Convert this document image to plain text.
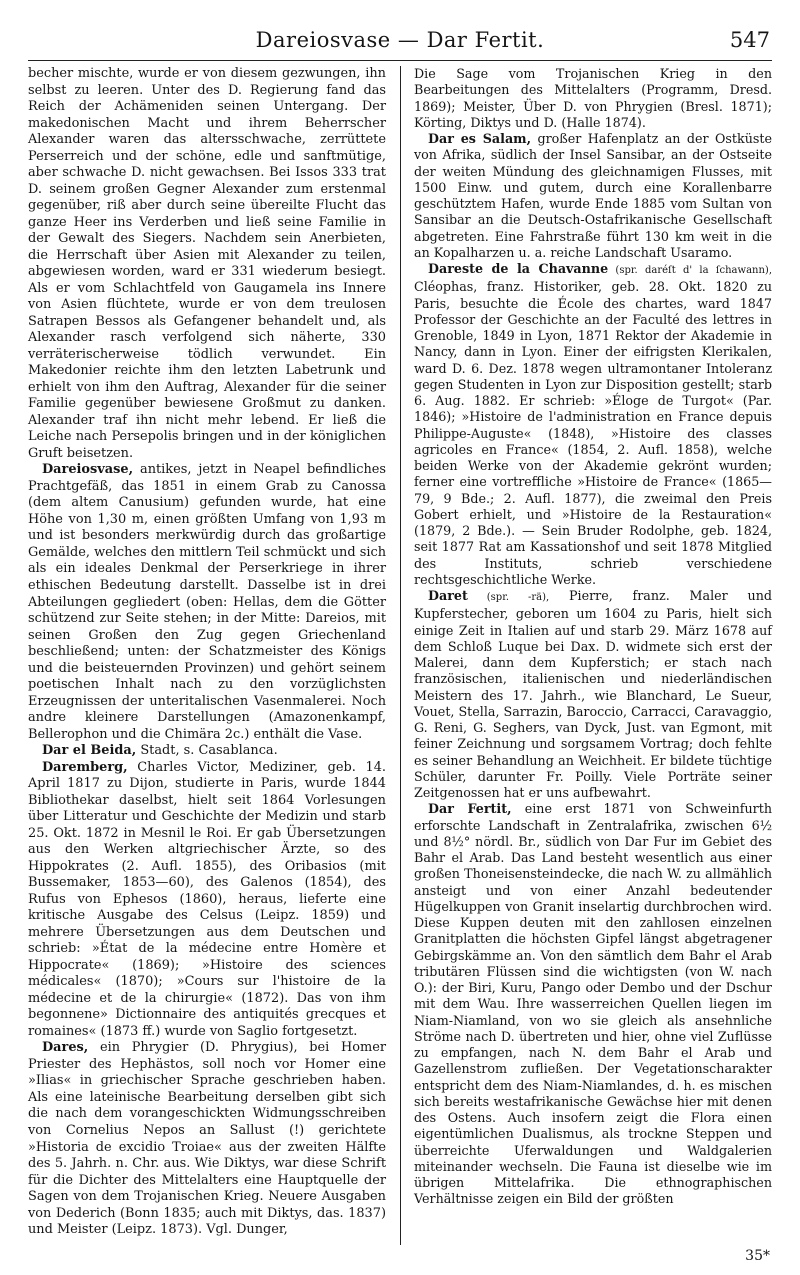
Dareiosvase — Dar Fertit.	547

becher mischte, wurde er von diesem gezwungen, ihn selbst zu leeren. Unter des D. Regierung fand das Reich der Achämeniden seinen Untergang. Der makedonischen Macht und ihrem Beherrscher Alexander waren das altersschwache, zerrüttete Perserreich und der schöne, edle und sanftmütige, aber schwache D. nicht gewachsen. Bei Issos 333 trat D. seinem großen Gegner Alexander zum erstenmal gegenüber, riß aber durch seine übereilte Flucht das ganze Heer ins Verderben und ließ seine Familie in der Gewalt des Siegers. Nachdem sein Anerbieten, die Herrschaft über Asien mit Alexander zu teilen, abgewiesen worden, ward er 331 wiederum besiegt. Als er vom Schlachtfeld von Gaugamela ins Innere von Asien flüchtete, wurde er von dem treulosen Satrapen Bessos als Gefangener behandelt und, als Alexander rasch verfolgend sich näherte, 330 verräterischerweise tödlich verwundet. Ein Makedonier reichte ihm den letzten Labetrunk und erhielt von ihm den Auftrag, Alexander für die seiner Familie gegenüber bewiesene Großmut zu danken. Alexander traf ihn nicht mehr lebend. Er ließ die Leiche nach Persepolis bringen und in der königlichen Gruft beisetzen.

Dareiosvase, antikes, jetzt in Neapel befindliches Prachtgefäß, das 1851 in einem Grab zu Canossa (dem altem Canusium) gefunden wurde, hat eine Höhe von 1,30 m, einen größten Umfang von 1,93 m und ist besonders merkwürdig durch das großartige Gemälde, welches den mittlern Teil schmückt und sich als ein ideales Denkmal der Perserkriege in ihrer ethischen Bedeutung darstellt. Dasselbe ist in drei Abteilungen gegliedert (oben: Hellas, dem die Götter schützend zur Seite stehen; in der Mitte: Dareios, mit seinen Großen den Zug gegen Griechenland beschließend; unten: der Schatzmeister des Königs und die beisteuernden Provinzen) und gehört seinem poetischen Inhalt nach zu den vorzüglichsten Erzeugnissen der unteritalischen Vasenmalerei. Noch andre kleinere Darstellungen (Amazonenkampf, Bellerophon und die Chimära 2c.) enthält die Vase.

Dar el Beida, Stadt, s. Casablanca.

Daremberg, Charles Victor, Mediziner, geb. 14. April 1817 zu Dijon, studierte in Paris, wurde 1844 Bibliothekar daselbst, hielt seit 1864 Vorlesungen über Litteratur und Geschichte der Medizin und starb 25. Okt. 1872 in Mesnil le Roi. Er gab Übersetzungen aus den Werken altgriechischer Ärzte, so des Hippokrates (2. Aufl. 1855), des Oribasios (mit Bussemaker, 1853—60), des Galenos (1854), des Rufus von Ephesos (1860), heraus, lieferte eine kritische Ausgabe des Celsus (Leipz. 1859) und mehrere Übersetzungen aus dem Deutschen und schrieb: »État de la médecine entre Homère et Hippocrate« (1869); »Histoire des sciences médicales« (1870); »Cours sur l'histoire de la médecine et de la chirurgie« (1872). Das von ihm begonnene» Dictionnaire des antiquités grecques et romaines« (1873 ff.) wurde von Saglio fortgesetzt.

Dares, ein Phrygier (D. Phrygius), bei Homer Priester des Hephästos, soll noch vor Homer eine »Ilias« in griechischer Sprache geschrieben haben. Als eine lateinische Bearbeitung derselben gibt sich die nach dem vorangeschickten Widmungsschreiben von Cornelius Nepos an Sallust (!) gerichtete »Historia de excidio Troiae« aus der zweiten Hälfte des 5. Jahrh. n. Chr. aus. Wie Diktys, war diese Schrift für die Dichter des Mittelalters eine Hauptquelle der Sagen von dem Trojanischen Krieg. Neuere Ausgaben von Dederich (Bonn 1835; auch mit Diktys, das. 1837) und Meister (Leipz. 1873). Vgl. Dunger,

Die Sage vom Trojanischen Krieg in den Bearbeitungen des Mittelalters (Programm, Dresd. 1869); Meister, Über D. von Phrygien (Bresl. 1871); Körting, Diktys und D. (Halle 1874).

Dar es Salam, großer Hafenplatz an der Ostküste von Afrika, südlich der Insel Sansibar, an der Ostseite der weiten Mündung des gleichnamigen Flusses, mit 1500 Einw. und gutem, durch eine Korallenbarre geschütztem Hafen, wurde Ende 1885 vom Sultan von Sansibar an die Deutsch-Ostafrikanische Gesellschaft abgetreten. Eine Fahrstraße führt 130 km weit in die an Kopalharzen u. a. reiche Landschaft Usaramo.

Dareste de la Chavanne (spr. daréſt d' la ſchawann), Cléophas, franz. Historiker, geb. 28. Okt. 1820 zu Paris, besuchte die École des chartes, ward 1847 Professor der Geschichte an der Faculté des lettres in Grenoble, 1849 in Lyon, 1871 Rektor der Akademie in Nancy, dann in Lyon. Einer der eifrigsten Klerikalen, ward D. 6. Dez. 1878 wegen ultramontaner Intoleranz gegen Studenten in Lyon zur Disposition gestellt; starb 6. Aug. 1882. Er schrieb: »Éloge de Turgot« (Par. 1846); »Histoire de l'administration en France depuis Philippe-Auguste« (1848), »Histoire des classes agricoles en France« (1854, 2. Aufl. 1858), welche beiden Werke von der Akademie gekrönt wurden; ferner eine vortreffliche »Histoire de France« (1865—79, 9 Bde.; 2. Aufl. 1877), die zweimal den Preis Gobert erhielt, und »Histoire de la Restauration« (1879, 2 Bde.). — Sein Bruder Rodolphe, geb. 1824, seit 1877 Rat am Kassationshof und seit 1878 Mitglied des Instituts, schrieb verschiedene rechtsgeschichtliche Werke.

Daret (spr. -rä), Pierre, franz. Maler und Kupferstecher, geboren um 1604 zu Paris, hielt sich einige Zeit in Italien auf und starb 29. März 1678 auf dem Schloß Luque bei Dax. D. widmete sich erst der Malerei, dann dem Kupferstich; er stach nach französischen, italienischen und niederländischen Meistern des 17. Jahrh., wie Blanchard, Le Sueur, Vouet, Stella, Sarrazin, Baroccio, Carracci, Caravaggio, G. Reni, G. Seghers, van Dyck, Just. van Egmont, mit feiner Zeichnung und sorgsamem Vortrag; doch fehlte es seiner Behandlung an Weichheit. Er bildete tüchtige Schüler, darunter Fr. Poilly. Viele Porträte seiner Zeitgenossen hat er uns aufbewahrt.

Dar Fertit, eine erst 1871 von Schweinfurth erforschte Landschaft in Zentralafrika, zwischen 6½ und 8½° nördl. Br., südlich von Dar Fur im Gebiet des Bahr el Arab. Das Land besteht wesentlich aus einer großen Thoneisensteindecke, die nach W. zu allmählich ansteigt und von einer Anzahl bedeutender Hügelkuppen von Granit inselartig durchbrochen wird. Diese Kuppen deuten mit den zahllosen einzelnen Granitplatten die höchsten Gipfel längst abgetragener Gebirgskämme an. Von den sämtlich dem Bahr el Arab tributären Flüssen sind die wichtigsten (von W. nach O.): der Biri, Kuru, Pango oder Dembo und der Dschur mit dem Wau. Ihre wasserreichen Quellen liegen im Niam-Niamland, von wo sie gleich als ansehnliche Ströme nach D. übertreten und hier, ohne viel Zuflüsse zu empfangen, nach N. dem Bahr el Arab und Gazellenstrom zufließen. Der Vegetationscharakter entspricht dem des Niam-Niamlandes, d. h. es mischen sich bereits westafrikanische Gewächse hier mit denen des Ostens. Auch insofern zeigt die Flora einen eigentümlichen Dualismus, als trockne Steppen und überreichte Uferwaldungen und Waldgalerien miteinander wechseln. Die Fauna ist dieselbe wie im übrigen Mittelafrika. Die ethnographischen Verhältnisse zeigen ein Bild der größten

35*
